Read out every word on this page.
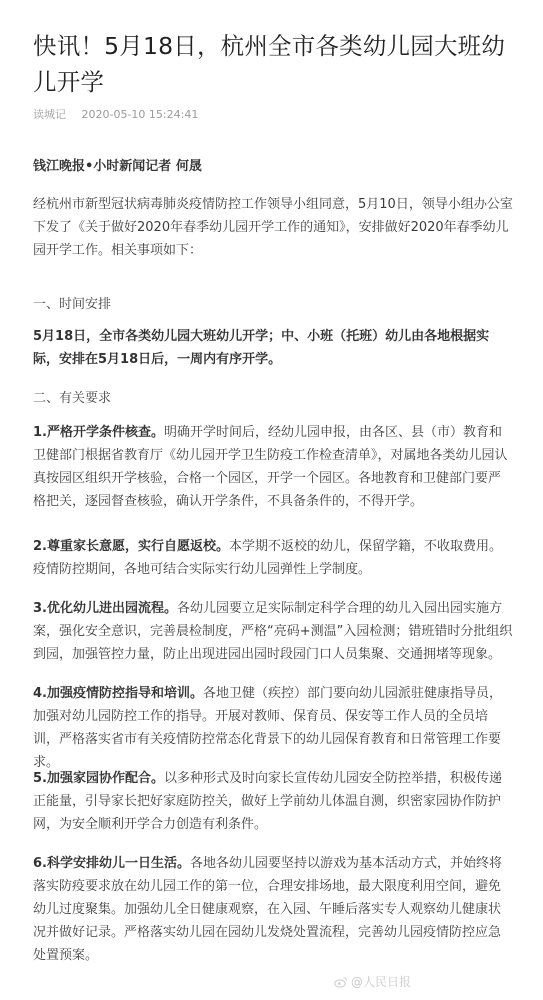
快讯！5月18日，杭州全市各类幼儿园大班幼儿开学
读城记 2020-05-10 15:24:41
钱江晚报•小时新闻记者 何晟

经杭州市新型冠状病毒肺炎疫情防控工作领导小组同意，5月10日，领导小组办公室下发了《关于做好2020年春季幼儿园开学工作的通知》，安排做好2020年春季幼儿园开学工作。相关事项如下：

一、时间安排

5月18日，全市各类幼儿园大班幼儿开学；中、小班（托班）幼儿由各地根据实际，安排在5月18日后，一周内有序开学。

二、有关要求

1.严格开学条件核查。明确开学时间后，经幼儿园申报，由各区、县（市）教育和卫健部门根据省教育厅《幼儿园开学卫生防疫工作检查清单》，对属地各类幼儿园认真按园区组织开学核验，合格一个园区，开学一个园区。各地教育和卫健部门要严格把关，逐园督查核验，确认开学条件，不具备条件的，不得开学。

2.尊重家长意愿，实行自愿返校。本学期不返校的幼儿，保留学籍，不收取费用。疫情防控期间，各地可结合实际实行幼儿园弹性上学制度。

3.优化幼儿进出园流程。各幼儿园要立足实际制定科学合理的幼儿入园出园实施方案，强化安全意识，完善晨检制度，严格“亮码+测温”入园检测；错班错时分批组织到园，加强管控力量，防止出现进园出园时段园门口人员集聚、交通拥堵等现象。

4.加强疫情防控指导和培训。各地卫健（疾控）部门要向幼儿园派驻健康指导员，加强对幼儿园防控工作的指导。开展对教师、保育员、保安等工作人员的全员培训，严格落实省市有关疫情防控常态化背景下的幼儿园保育教育和日常管理工作要求。

5.加强家园协作配合。以多种形式及时向家长宣传幼儿园安全防控举措，积极传递正能量，引导家长把好家庭防控关，做好上学前幼儿体温自测，织密家园协作防护网，为安全顺利开学合力创造有利条件。

6.科学安排幼儿一日生活。各地各幼儿园要坚持以游戏为基本活动方式，并始终将落实防疫要求放在幼儿园工作的第一位，合理安排场地，最大限度利用空间，避免幼儿过度聚集。加强幼儿全日健康观察，在入园、午睡后落实专人观察幼儿健康状况并做好记录。严格落实幼儿园在园幼儿发烧处置流程，完善幼儿园疫情防控应急处置预案。

@人民日报
